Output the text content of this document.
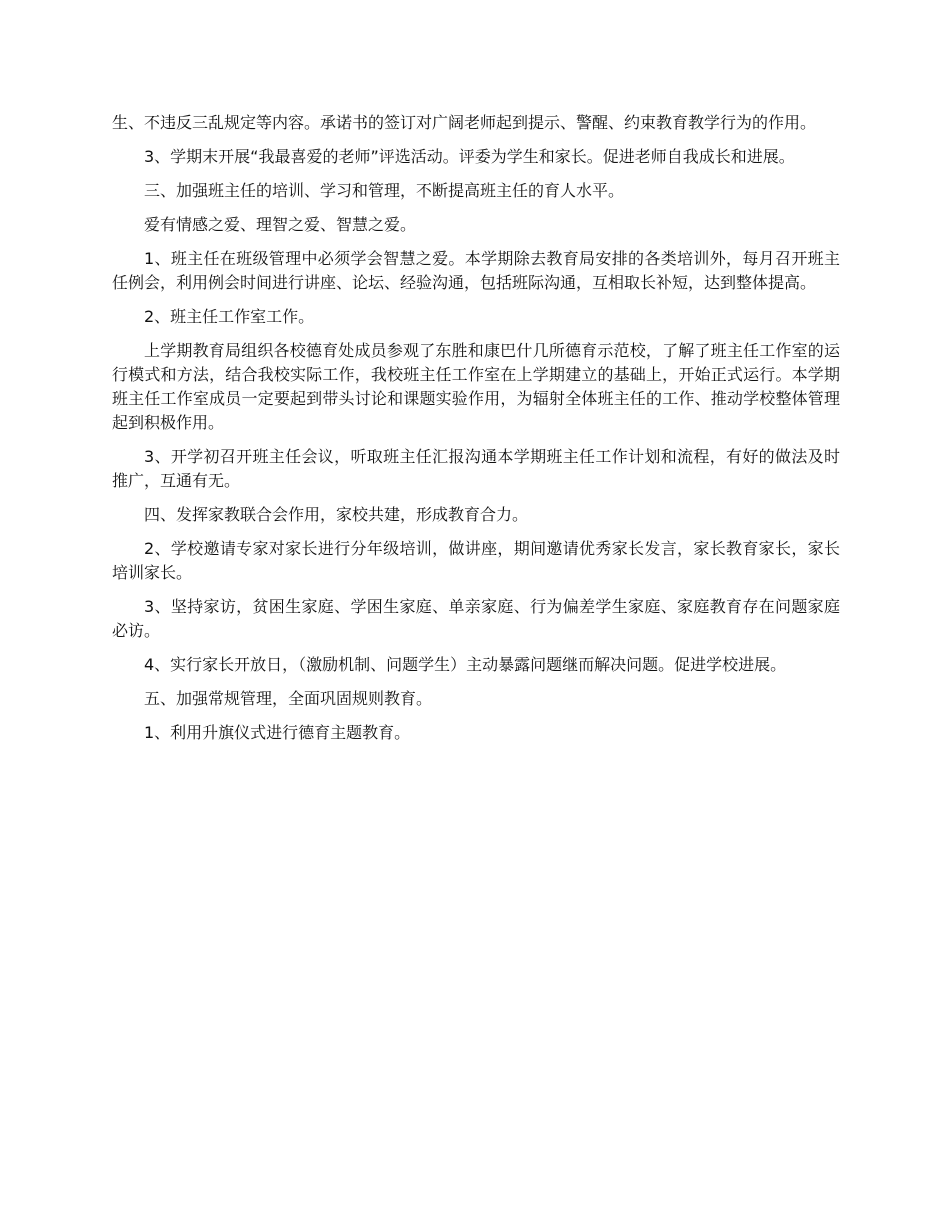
生、不违反三乱规定等内容。承诺书的签订对广阔老师起到提示、警醒、约束教育教学行为的作用。

3、学期末开展“我最喜爱的老师”评选活动。评委为学生和家长。促进老师自我成长和进展。

三、加强班主任的培训、学习和管理，不断提高班主任的育人水平。

爱有情感之爱、理智之爱、智慧之爱。

1、班主任在班级管理中必须学会智慧之爱。本学期除去教育局安排的各类培训外，每月召开班主任例会，利用例会时间进行讲座、论坛、经验沟通，包括班际沟通，互相取长补短，达到整体提高。

2、班主任工作室工作。

上学期教育局组织各校德育处成员参观了东胜和康巴什几所德育示范校，了解了班主任工作室的运行模式和方法，结合我校实际工作，我校班主任工作室在上学期建立的基础上，开始正式运行。本学期班主任工作室成员一定要起到带头讨论和课题实验作用，为辐射全体班主任的工作、推动学校整体管理起到积极作用。

3、开学初召开班主任会议，听取班主任汇报沟通本学期班主任工作计划和流程，有好的做法及时推广，互通有无。

四、发挥家教联合会作用，家校共建，形成教育合力。

2、学校邀请专家对家长进行分年级培训，做讲座，期间邀请优秀家长发言，家长教育家长，家长培训家长。

3、坚持家访，贫困生家庭、学困生家庭、单亲家庭、行为偏差学生家庭、家庭教育存在问题家庭必访。

4、实行家长开放日，（激励机制、问题学生）主动暴露问题继而解决问题。促进学校进展。

五、加强常规管理，全面巩固规则教育。

1、利用升旗仪式进行德育主题教育。
